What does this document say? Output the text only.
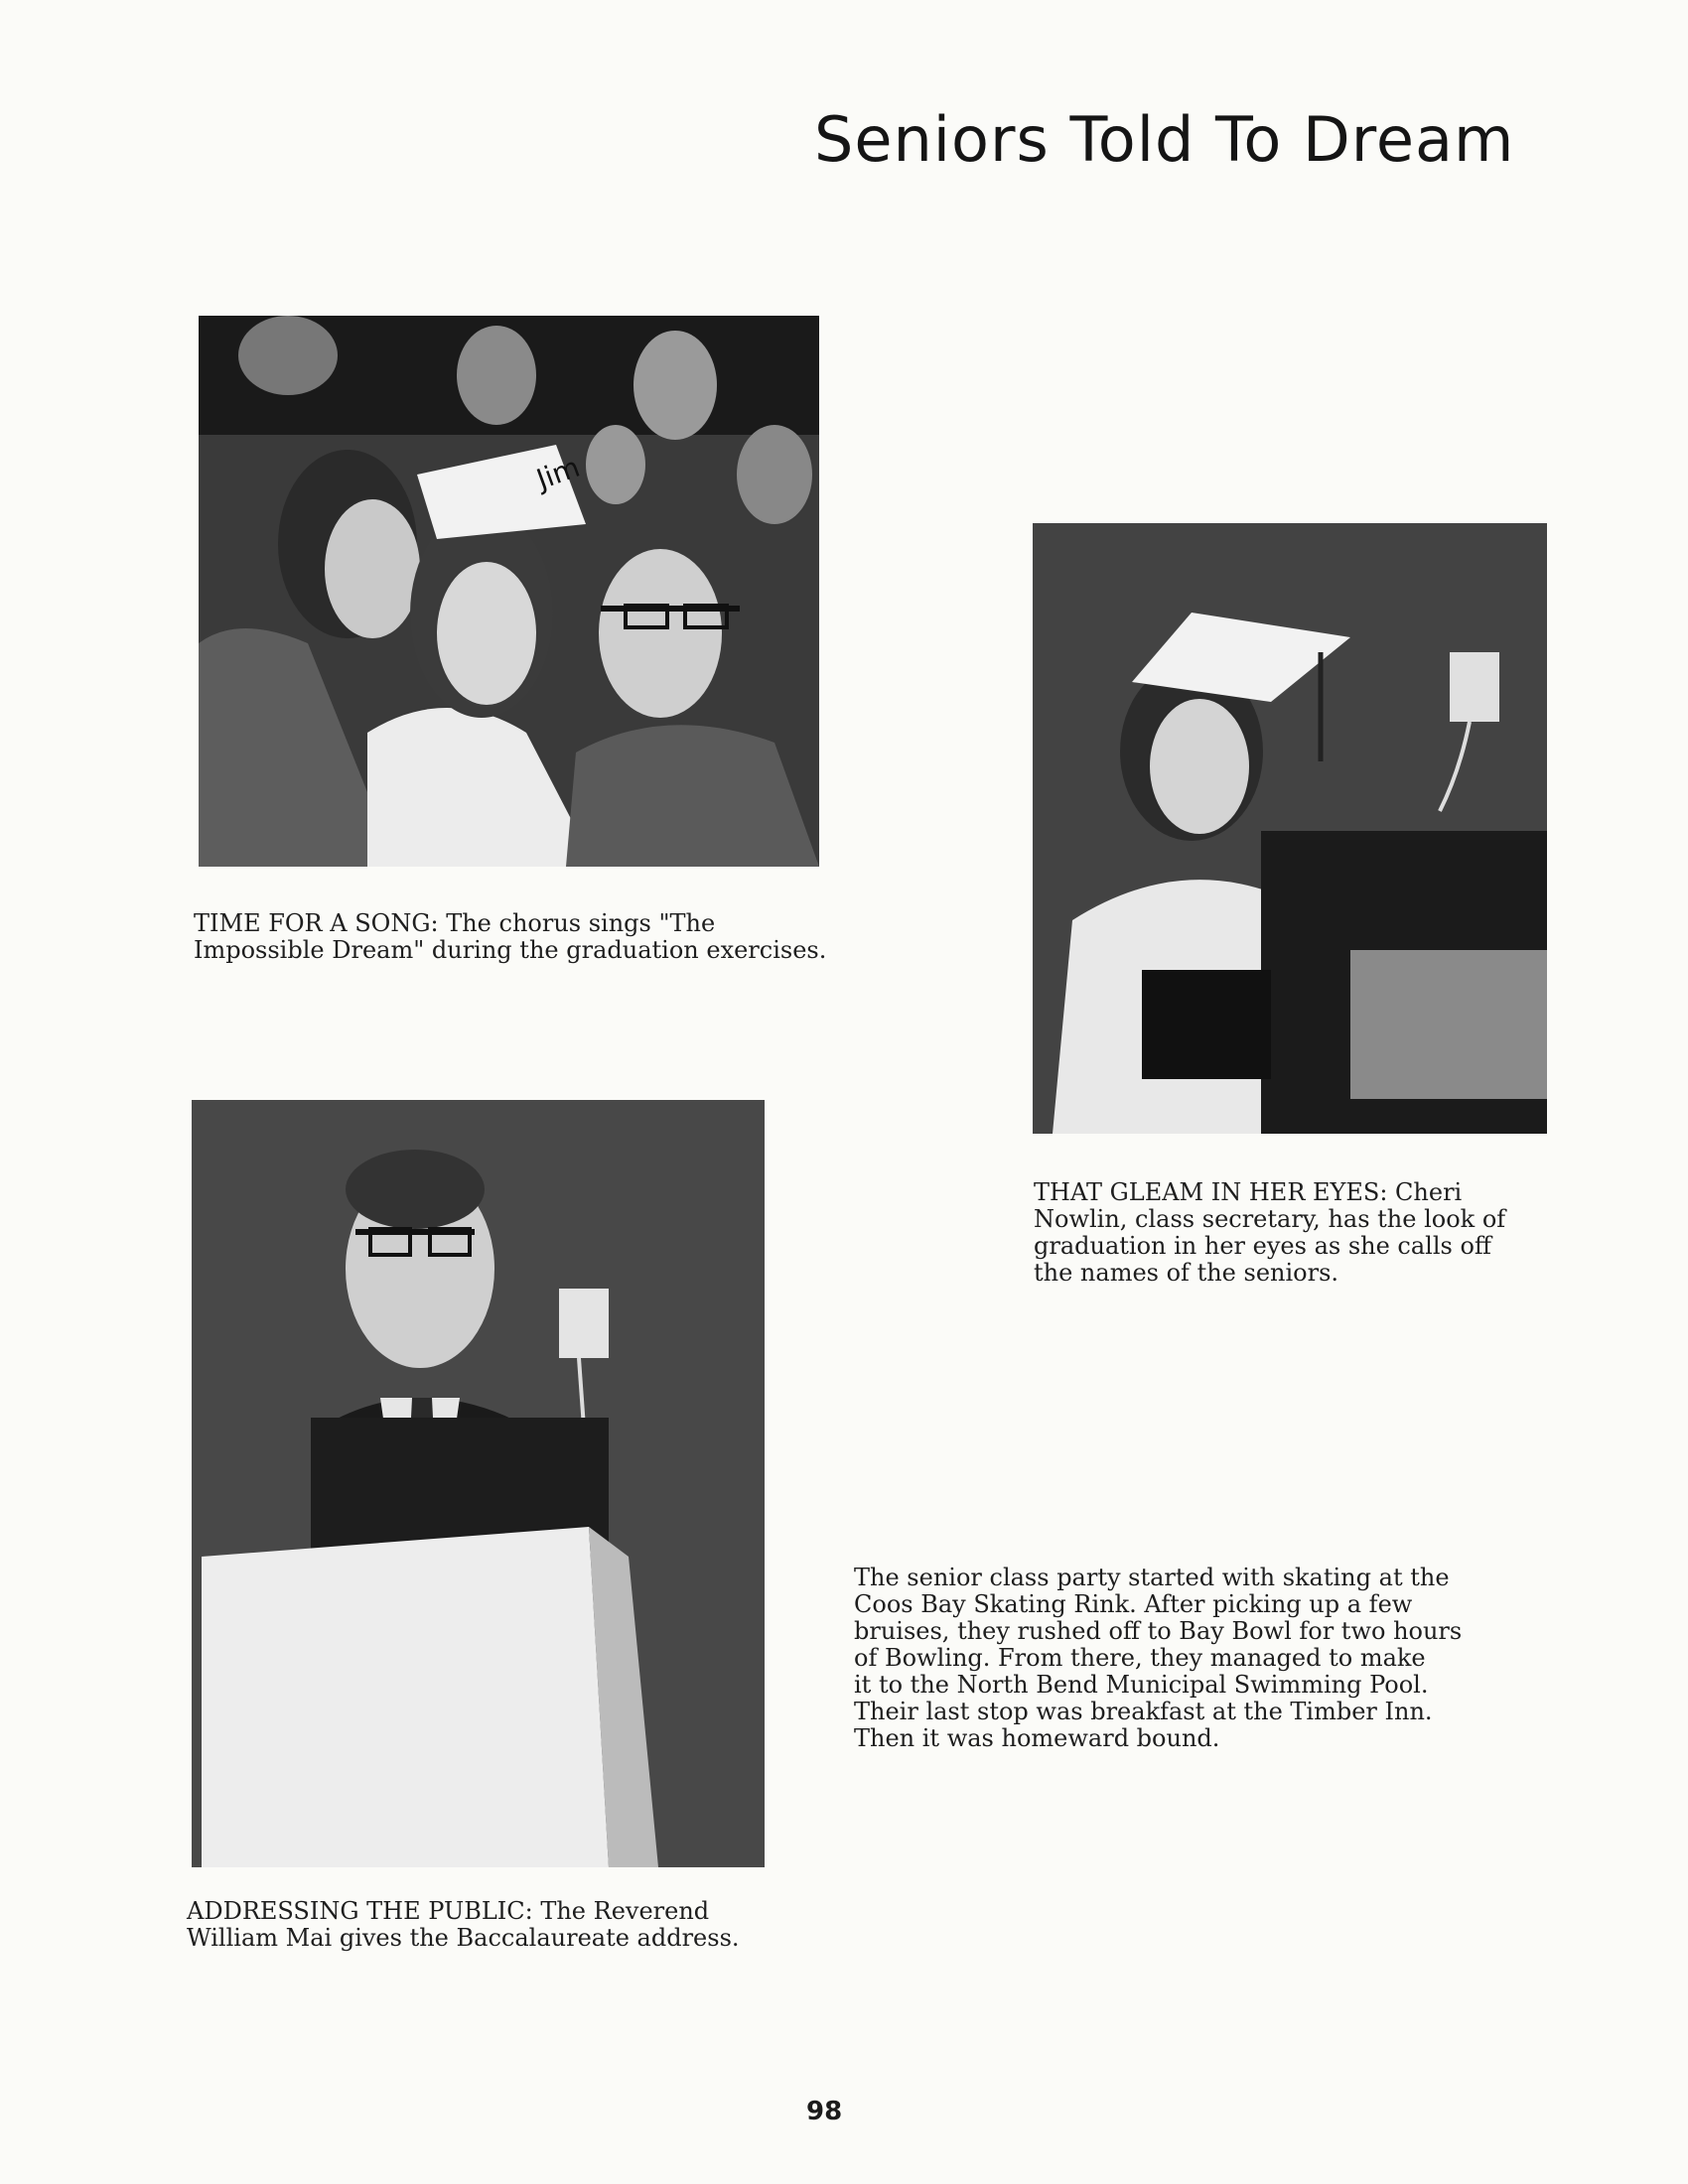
Seniors Told To Dream
Jim
TIME FOR A SONG: The chorus sings "The
Impossible Dream" during the graduation exercises.
THAT GLEAM IN HER EYES: Cheri
Nowlin, class secretary, has the look of
graduation in her eyes as she calls off
the names of the seniors.
ADDRESSING THE PUBLIC: The Reverend
William Mai gives the Baccalaureate address.
The senior class party started with skating at the
Coos Bay Skating Rink. After picking up a few
bruises, they rushed off to Bay Bowl for two hours
of Bowling. From there, they managed to make
it to the North Bend Municipal Swimming Pool.
Their last stop was breakfast at the Timber Inn.
Then it was homeward bound.
98
